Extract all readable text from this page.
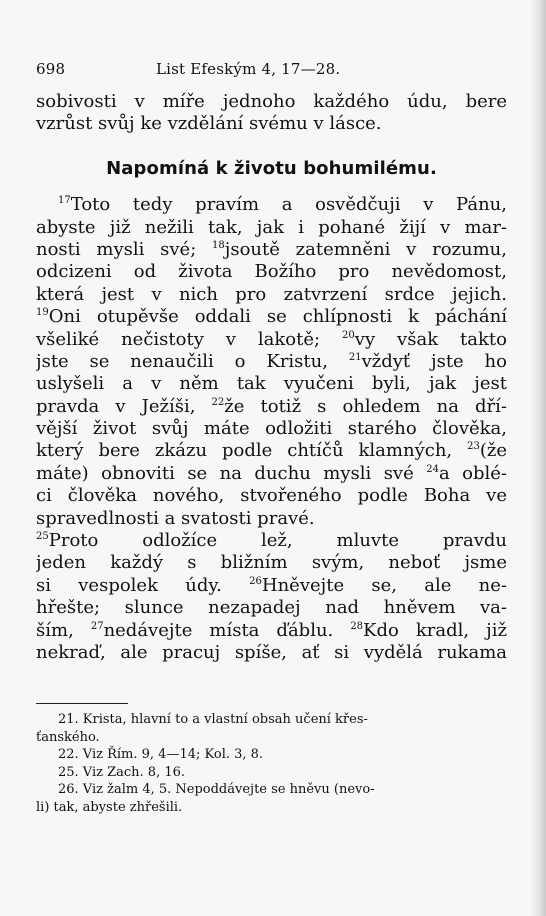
698	List Efeským 4, 17—28.
sobivosti v míře jednoho každého údu, bere
vzrůst svůj ke vzdělání svému v lásce.
Napomíná k životu bohumilému.
$^{17}$Toto tedy pravím a osvědčuji v Pánu,
abyste již nežili tak, jak i pohané žijí v mar-
nosti mysli své; $^{18}$jsoutě zatemněni v rozumu,
odcizeni od života Božího pro nevědomost,
která jest v nich pro zatvrzení srdce jejich.
$^{19}$Oni otupěvše oddali se chlípnosti k páchání
všeliké nečistoty v lakotě; $^{20}$vy však takto
jste se nenaučili o Kristu, $^{21}$vždyť jste ho
uslyšeli a v něm tak vyučeni byli, jak jest
pravda v Ježíši, $^{22}$že totiž s ohledem na dří-
vější život svůj máte odložiti starého člověka,
který bere zkázu podle chtíčů klamných, $^{23}$(že
máte) obnoviti se na duchu mysli své $^{24}$a oblé-
ci člověka nového, stvořeného podle Boha ve
spravedlnosti a svatosti pravé.
$^{25}$Proto odložíce lež, mluvte pravdu
jeden každý s bližním svým, neboť jsme
si vespolek údy.	$^{26}$Hněvejte se, ale ne-
hřešte; slunce nezapadej nad hněvem va-
ším, $^{27}$nedávejte místa ďáblu. $^{28}$Kdo kradl, již
nekraď, ale pracuj spíše, ať si vydělá rukama
21. Krista, hlavní to a vlastní obsah učení křes-
ťanského.
22. Viz Řím. 9, 4—14; Kol. 3, 8.
25. Viz Zach. 8, 16.
26. Viz žalm 4, 5. Nepoddávejte se hněvu (nevo-
li) tak, abyste zhřešili.
